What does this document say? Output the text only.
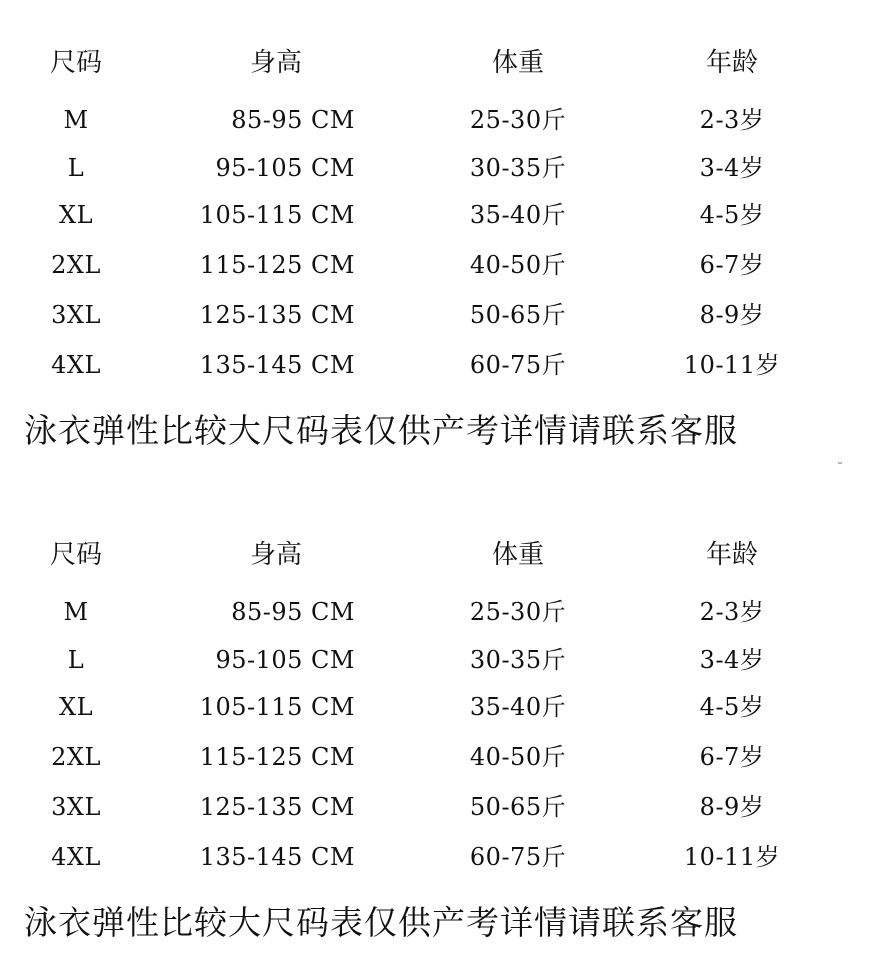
尺码	身高	体重	年龄
M	85-95 CM	25-30斤	2-3岁
L	95-105 CM	30-35斤	3-4岁
XL	105-115 CM	35-40斤	4-5岁
2XL	115-125 CM	40-50斤	6-7岁
3XL	125-135 CM	50-65斤	8-9岁
4XL	135-145 CM	60-75斤	10-11岁
泳衣弹性比较大尺码表仅供产考详情请联系客服
尺码	身高	体重	年龄
M	85-95 CM	25-30斤	2-3岁
L	95-105 CM	30-35斤	3-4岁
XL	105-115 CM	35-40斤	4-5岁
2XL	115-125 CM	40-50斤	6-7岁
3XL	125-135 CM	50-65斤	8-9岁
4XL	135-145 CM	60-75斤	10-11岁
泳衣弹性比较大尺码表仅供产考详情请联系客服
